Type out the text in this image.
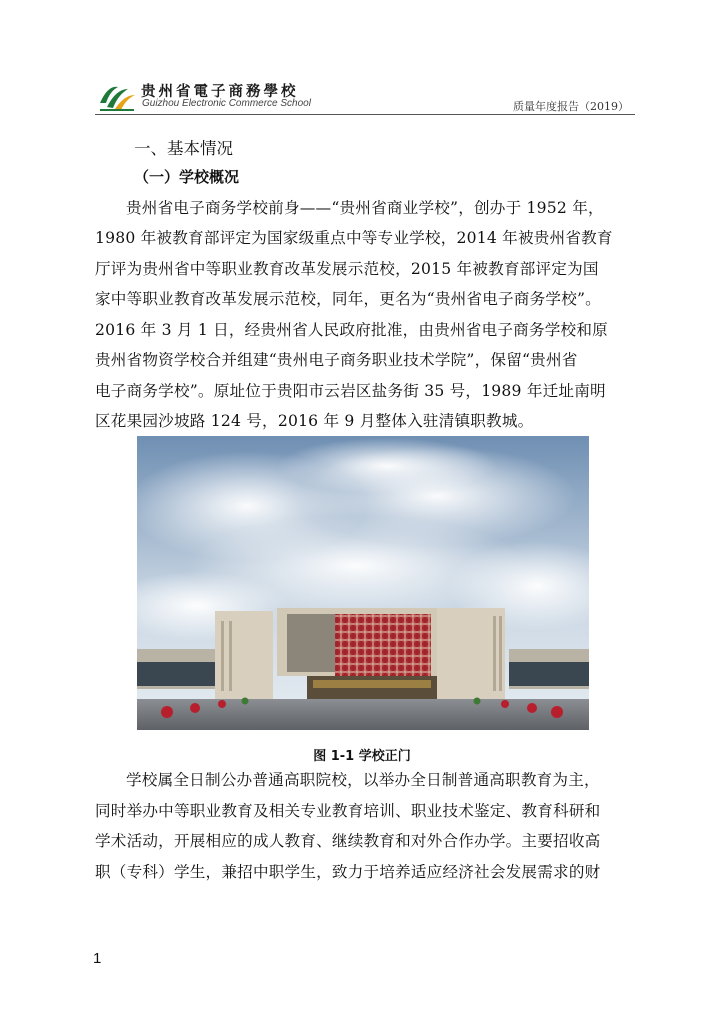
贵州省電子商務學校
Guizhou Electronic Commerce School	质量年度报告（2019）
一、基本情况
（一）学校概况
贵州省电子商务学校前身——“贵州省商业学校”，创办于 1952 年，
1980 年被教育部评定为国家级重点中等专业学校，2014 年被贵州省教育
厅评为贵州省中等职业教育改革发展示范校，2015 年被教育部评定为国
家中等职业教育改革发展示范校，同年，更名为“贵州省电子商务学校”。
2016 年 3 月 1 日，经贵州省人民政府批准，由贵州省电子商务学校和原
贵州省物资学校合并组建“贵州电子商务职业技术学院”，保留“贵州省
电子商务学校”。原址位于贵阳市云岩区盐务街 35 号，1989 年迁址南明
区花果园沙坡路 124 号，2016 年 9 月整体入驻清镇职教城。
图 1-1 学校正门
学校属全日制公办普通高职院校，以举办全日制普通高职教育为主，
同时举办中等职业教育及相关专业教育培训、职业技术鉴定、教育科研和
学术活动，开展相应的成人教育、继续教育和对外合作办学。主要招收高
职（专科）学生，兼招中职学生，致力于培养适应经济社会发展需求的财
1
